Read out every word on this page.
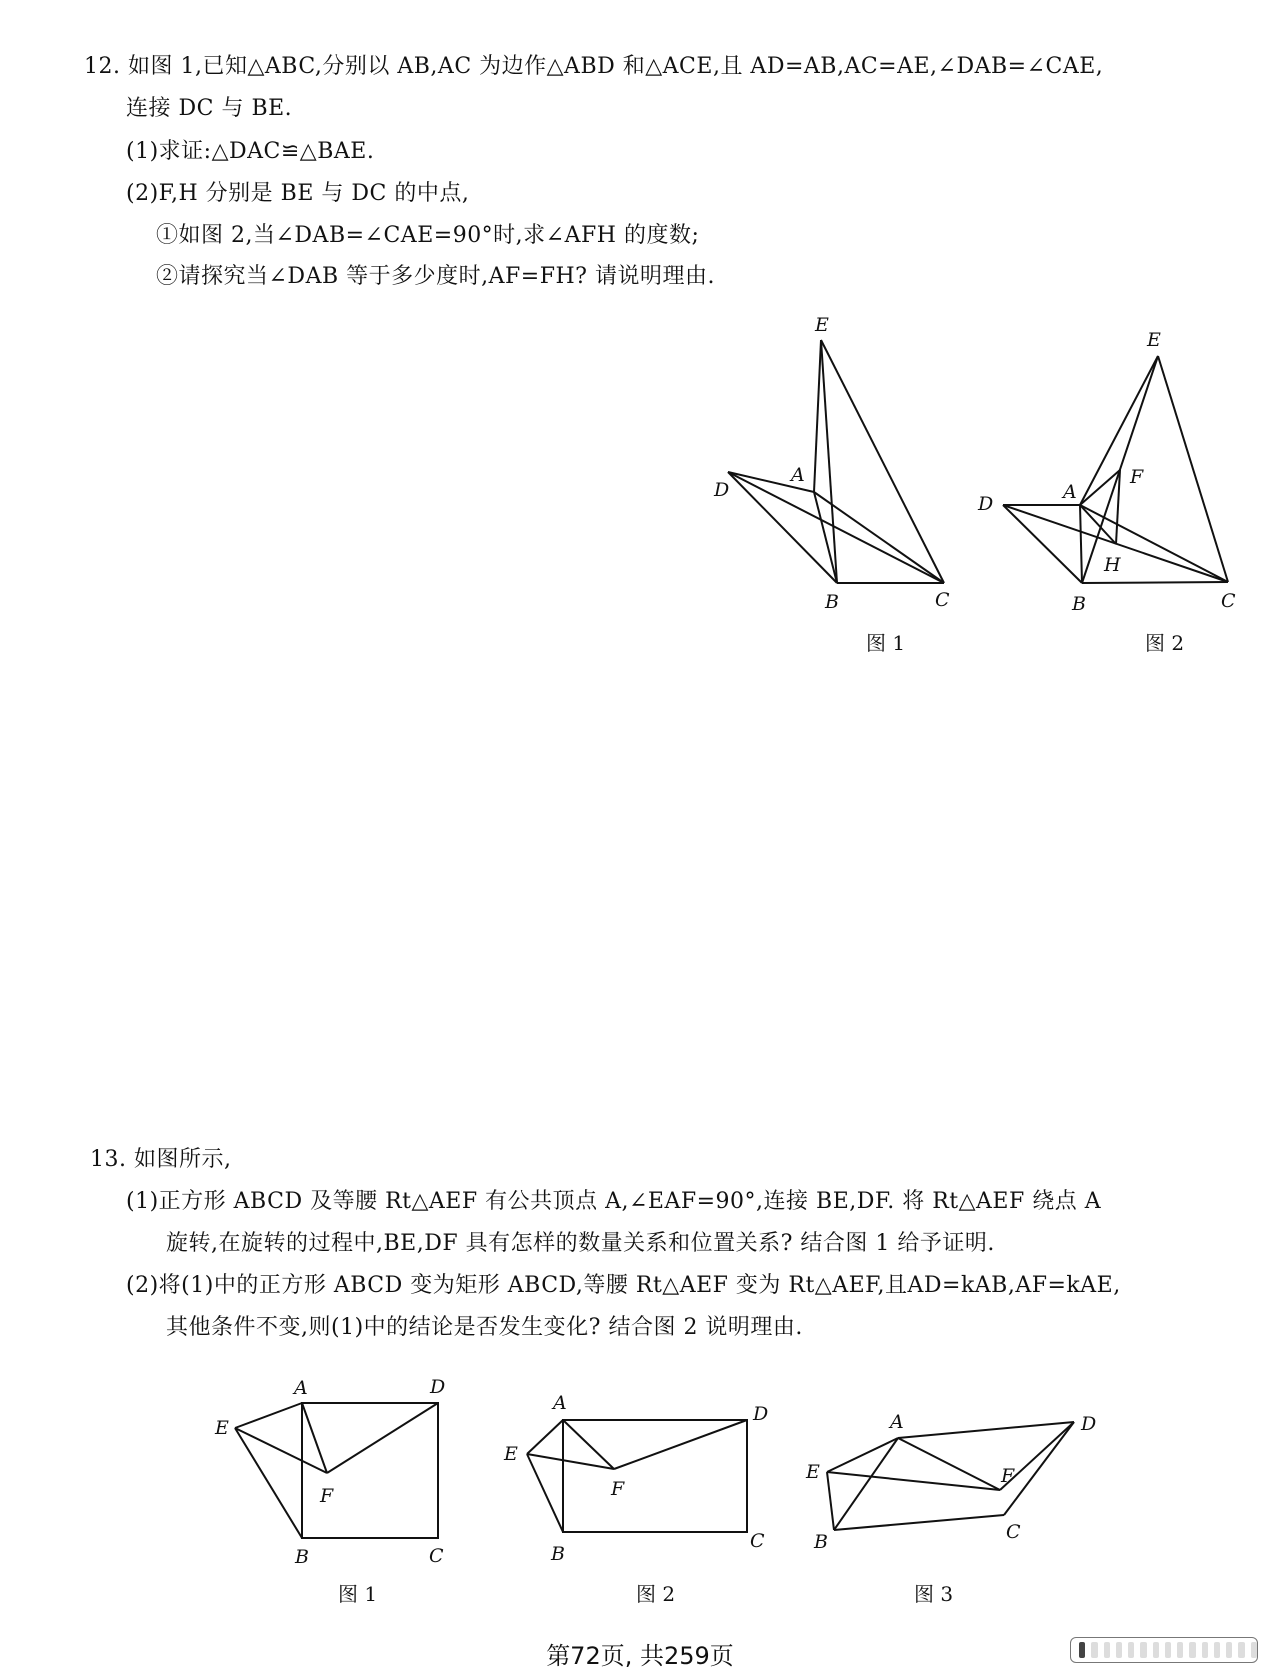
12. 如图 1,已知△ABC,分别以 AB,AC 为边作△ABD 和△ACE,且 AD=AB,AC=AE,∠DAB=∠CAE,
连接 DC 与 BE.
(1)求证:△DAC≌△BAE.
(2)F,H 分别是 BE 与 DC 的中点,
①如图 2,当∠DAB=∠CAE=90°时,求∠AFH 的度数;
②请探究当∠DAB 等于多少度时,AF=FH? 请说明理由.
E
A
D
B	C
图 1
E
A
F
D
H
B	C
图 2
13. 如图所示,
(1)正方形 ABCD 及等腰 Rt△AEF 有公共顶点 A,∠EAF=90°,连接 BE,DF. 将 Rt△AEF 绕点 A
旋转,在旋转的过程中,BE,DF 具有怎样的数量关系和位置关系? 结合图 1 给予证明.
(2)将(1)中的正方形 ABCD 变为矩形 ABCD,等腰 Rt△AEF 变为 Rt△AEF,且AD=kAB,AF=kAE,
其他条件不变,则(1)中的结论是否发生变化? 结合图 2 说明理由.
A	D
E
F
B	C
图 1
A	D
E
F
B
C
图 2
A	D
E	F
B	C
图 3
第72页, 共259页
